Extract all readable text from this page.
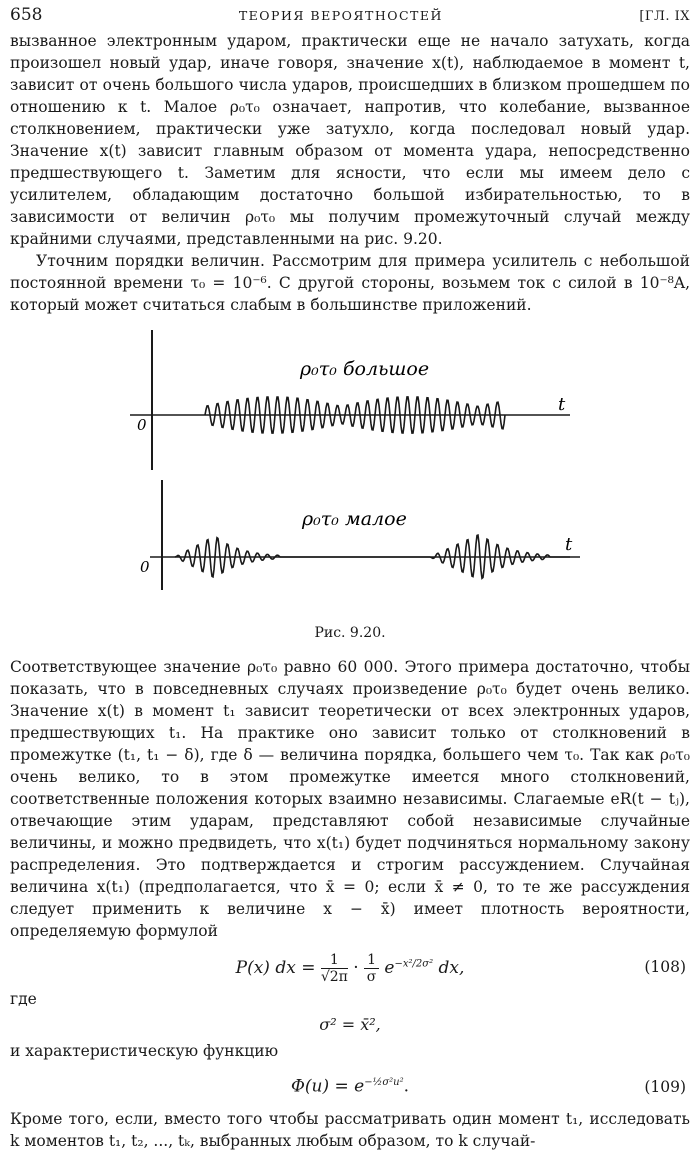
658	ТЕОРИЯ ВЕРОЯТНОСТЕЙ	[ГЛ. IX

вызванное электронным ударом, практически еще не начало затухать, когда произошел новый удар, иначе говоря, значение x(t), наблюдаемое в момент t, зависит от очень большого числа ударов, происшедших в близком прошедшем по отношению к t. Малое ρ₀τ₀ означает, напротив, что колебание, вызванное столкновением, практически уже затухло, когда последовал новый удар. Значение x(t) зависит главным образом от момента удара, непосредственно предшествующего t. Заметим для ясности, что если мы имеем дело с усилителем, обладающим достаточно большой избирательностью, то в зависимости от величин ρ₀τ₀ мы получим промежуточный случай между крайними случаями, представленными на рис. 9.20.

Уточним порядки величин. Рассмотрим для примера усилитель с небольшой постоянной времени τ₀ = 10⁻⁶. С другой стороны, возьмем ток с силой в 10⁻⁸A, который может считаться слабым в большинстве приложений.

ρ₀τ₀ большое
t
0
ρ₀τ₀ малое
t
0
Рис. 9.20.

Соответствующее значение ρ₀τ₀ равно 60 000. Этого примера достаточно, чтобы показать, что в повседневных случаях произведение ρ₀τ₀ будет очень велико. Значение x(t) в момент t₁ зависит теоретически от всех электронных ударов, предшествующих t₁. На практике оно зависит только от столкновений в промежутке (t₁, t₁ − δ), где δ — величина порядка, большего чем τ₀. Так как ρ₀τ₀ очень велико, то в этом промежутке имеется много столкновений, соответственные положения которых взаимно независимы. Слагаемые eR(t − tⱼ), отвечающие этим ударам, представляют собой независимые случайные величины, и можно предвидеть, что x(t₁) будет подчиняться нормальному закону распределения. Это подтверждается и строгим рассуждением. Случайная величина x(t₁) (предполагается, что x̄ = 0; если x̄ ≠ 0, то те же рассуждения следует применить к величине x − x̄) имеет плотность вероятности, определяемую формулой

P(x) dx = $\frac{1}{√2\pi} \cdot \frac{1}{\sigma} e^{-x^2/2\sigma^2}$ dx,	(108)

где

σ² = x̄²,

и характеристическую функцию

$\Phi(u) = e^{-\frac{1}{2}\sigma^2u^2}$.	(109)

Кроме того, если, вместо того чтобы рассматривать один момент t₁, исследовать k моментов t₁, t₂, ..., tₖ, выбранных любым образом, то k случай-
